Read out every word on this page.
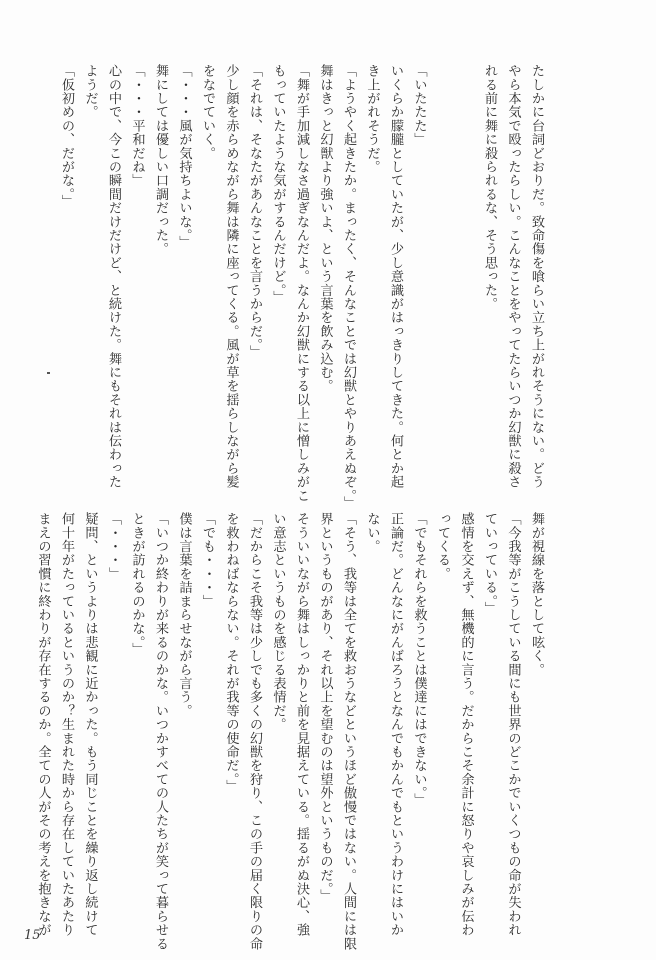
たしかに台詞どおりだ。致命傷を喰らい立ち上がれそうにない。どう
やら本気で殴ったらしい。こんなことをやってたらいつか幻獣に殺さ
れる前に舞に殺られるな、そう思った。

「いたたた」
いくらか朦朧としていたが、少し意識がはっきりしてきた。何とか起
き上がれそうだ。
「ようやく起きたか。まったく、そんなことでは幻獣とやりあえぬぞ。」
舞はきっと幻獣より強いよ、という言葉を飲み込む。
「舞が手加減しなさ過ぎなんだよ。なんか幻獣にする以上に憎しみがこ
もっていたような気がするんだけど。」
「それは、そなたがあんなことを言うからだ。」
少し顔を赤らめながら舞は隣に座ってくる。風が草を揺らしながら髪
をなでていく。
「・・・風が気持ちよいな。」
舞にしては優しい口調だった。
「・・・平和だね」
心の中で、今この瞬間だけだけど、と続けた。舞にもそれは伝わった
ようだ。
「仮初めの、だがな。」
舞が視線を落として呟く。
「今我等がこうしている間にも世界のどこかでいくつもの命が失われ
ていっている。」
感情を交えず、無機的に言う。だからこそ余計に怒りや哀しみが伝わ
ってくる。
「でもそれらを救うことは僕達にはできない。」
正論だ。どんなにがんばろうとなんでもかんでもというわけにはいか
ない。
「そう、我等は全てを救おうなどというほど傲慢ではない。人間には限
界というものがあり、それ以上を望むのは望外というものだ。」
そういいながら舞はしっかりと前を見据えている。揺るがぬ決心、強
い意志というものを感じる表情だ。
「だからこそ我等は少しでも多くの幻獣を狩り、この手の届く限りの命
を救わねばならない。それが我等の使命だ。」
「でも・・・」
僕は言葉を詰まらせながら言う。
「いつか終わりが来るのかな。いつかすべての人たちが笑って暮らせる
ときが訪れるのかな。」
「・・・」
疑問、というよりは悲観に近かった。もう同じことを繰り返し続けて
何十年がたっているというのか？生まれた時から存在していたあたり
まえの習慣に終わりが存在するのか。全ての人がその考えを抱きなが
15
